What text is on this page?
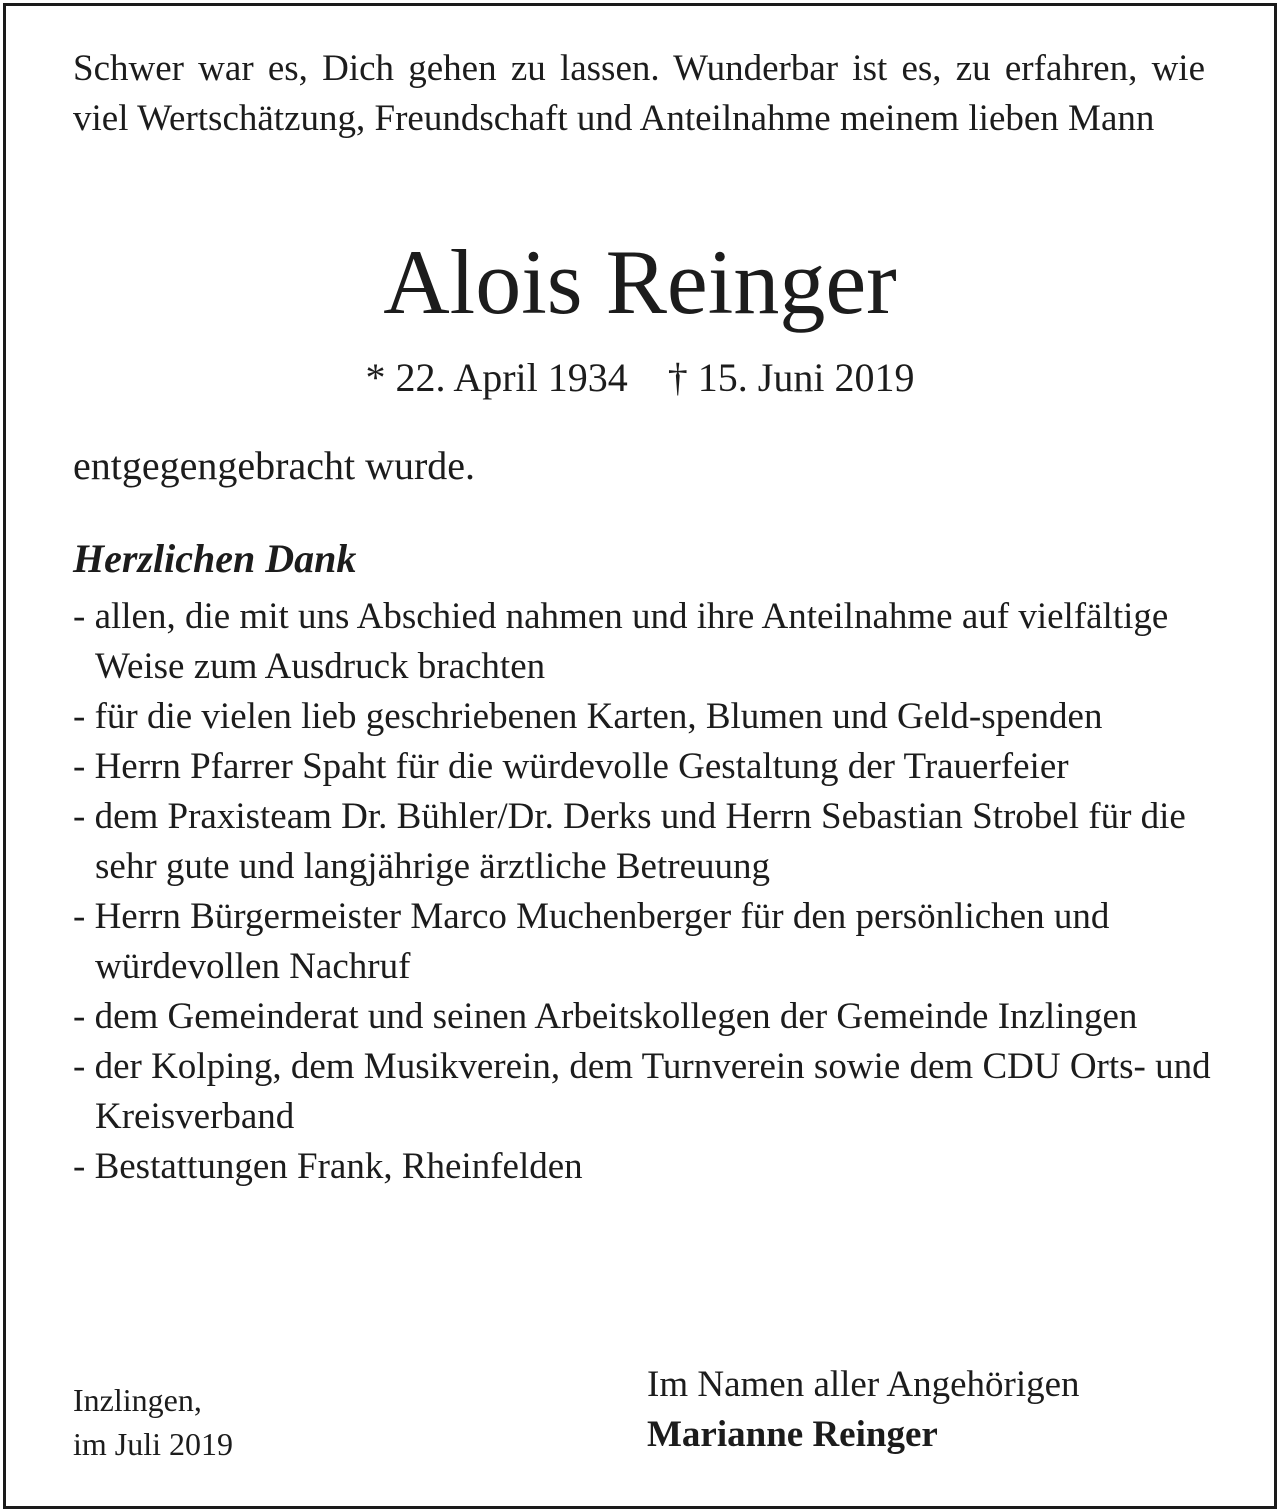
Schwer war es, Dich gehen zu lassen. Wunderbar ist es, zu erfahren, wie viel Wertschätzung, Freundschaft und Anteilnahme meinem lieben Mann
Alois Reinger
* 22. April 1934    † 15. Juni 2019
entgegengebracht wurde.
Herzlichen Dank
- allen, die mit uns Abschied nahmen und ihre Anteilnahme auf vielfältige Weise zum Ausdruck brachten
- für die vielen lieb geschriebenen Karten, Blumen und Geld-spenden
- Herrn Pfarrer Spaht für die würdevolle Gestaltung der Trauerfeier
- dem Praxisteam Dr. Bühler/Dr. Derks und Herrn Sebastian Strobel für die sehr gute und langjährige ärztliche Betreuung
- Herrn Bürgermeister Marco Muchenberger für den persönlichen und würdevollen Nachruf
- dem Gemeinderat und seinen Arbeitskollegen der Gemeinde Inzlingen
- der Kolping, dem Musikverein, dem Turnverein sowie dem CDU Orts- und Kreisverband
- Bestattungen Frank, Rheinfelden
Inzlingen,
im Juli 2019
Im Namen aller Angehörigen
Marianne Reinger
